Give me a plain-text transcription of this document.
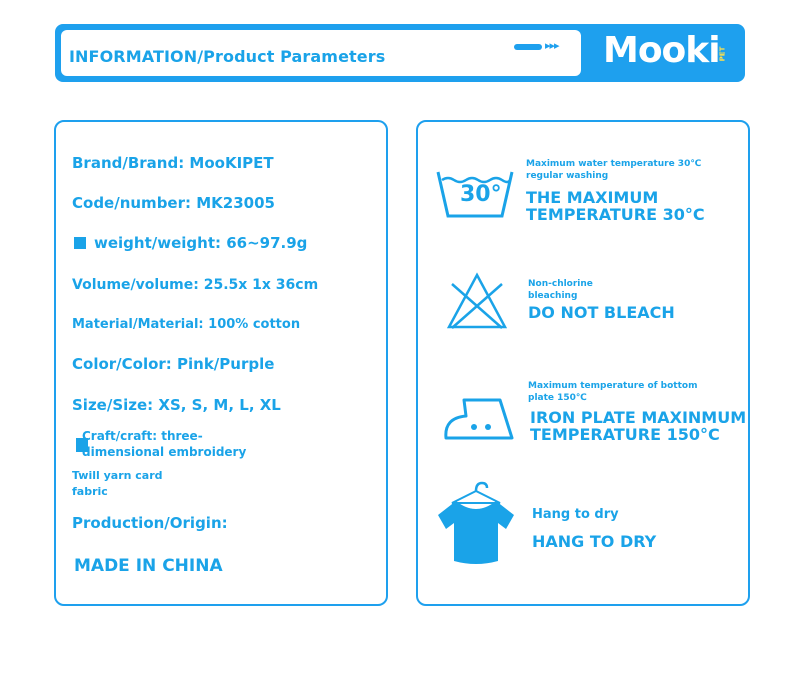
INFORMATION/Product Parameters
▸▸▸ Mooki
PET
Brand/Brand: MooKIPET
Code/number: MK23005
weight/weight: 66~97.9g
Volume/volume: 25.5x 1x 36cm
Material/Material: 100% cotton
Color/Color: Pink/Purple
Size/Size: XS, S, M, L, XL
Craft/craft: three-
dimensional embroidery
Twill yarn card
fabric
Production/Origin:
MADE IN CHINA
30°
Maximum water temperature 30℃ regular washing
THE MAXIMUM
TEMPERATURE 30°C
Non-chlorine
bleaching
DO NOT BLEACH
Maximum temperature of bottom
plate 150℃
IRON PLATE MAXINMUM
TEMPERATURE 150°C
Hang to dry
HANG TO DRY
